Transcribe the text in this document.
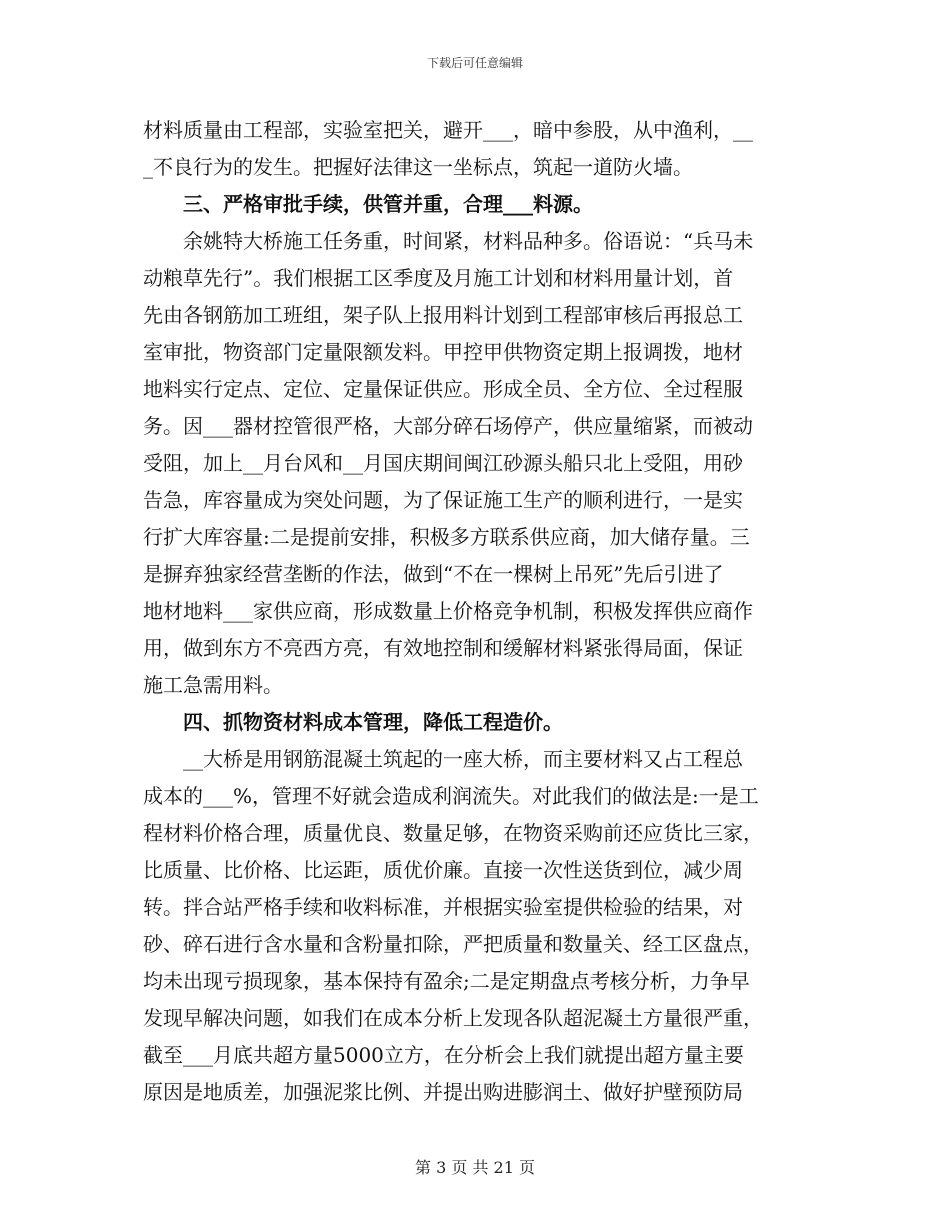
下载后可任意编辑
材料质量由工程部，实验室把关，避开___，暗中参股，从中渔利，__
_不良行为的发生。把握好法律这一坐标点，筑起一道防火墙。
　　三、严格审批手续，供管并重，合理___料源。
　　余姚特大桥施工任务重，时间紧，材料品种多。俗语说：“兵马未
动粮草先行”。我们根据工区季度及月施工计划和材料用量计划，首
先由各钢筋加工班组，架子队上报用料计划到工程部审核后再报总工
室审批，物资部门定量限额发料。甲控甲供物资定期上报调拨，地材
地料实行定点、定位、定量保证供应。形成全员、全方位、全过程服
务。因___器材控管很严格，大部分碎石场停产，供应量缩紧，而被动
受阻，加上__月台风和__月国庆期间闽江砂源头船只北上受阻，用砂
告急，库容量成为突处问题，为了保证施工生产的顺利进行，一是实
行扩大库容量:二是提前安排，积极多方联系供应商，加大储存量。三
是摒弃独家经营垄断的作法，做到“不在一棵树上吊死”先后引进了
地材地料___家供应商，形成数量上价格竞争机制，积极发挥供应商作
用，做到东方不亮西方亮，有效地控制和缓解材料紧张得局面，保证
施工急需用料。
　　四、抓物资材料成本管理，降低工程造价。
　　__大桥是用钢筋混凝土筑起的一座大桥，而主要材料又占工程总
成本的___%，管理不好就会造成利润流失。对此我们的做法是:一是工
程材料价格合理，质量优良、数量足够，在物资采购前还应货比三家，
比质量、比价格、比运距，质优价廉。直接一次性送货到位，减少周
转。拌合站严格手续和收料标准，并根据实验室提供检验的结果，对
砂、碎石进行含水量和含粉量扣除，严把质量和数量关、经工区盘点，
均未出现亏损现象，基本保持有盈余;二是定期盘点考核分析，力争早
发现早解决问题，如我们在成本分析上发现各队超泥凝土方量很严重，
截至___月底共超方量5000立方，在分析会上我们就提出超方量主要
原因是地质差，加强泥浆比例、并提出购进膨润土、做好护壁预防局
第 3 页 共 21 页
